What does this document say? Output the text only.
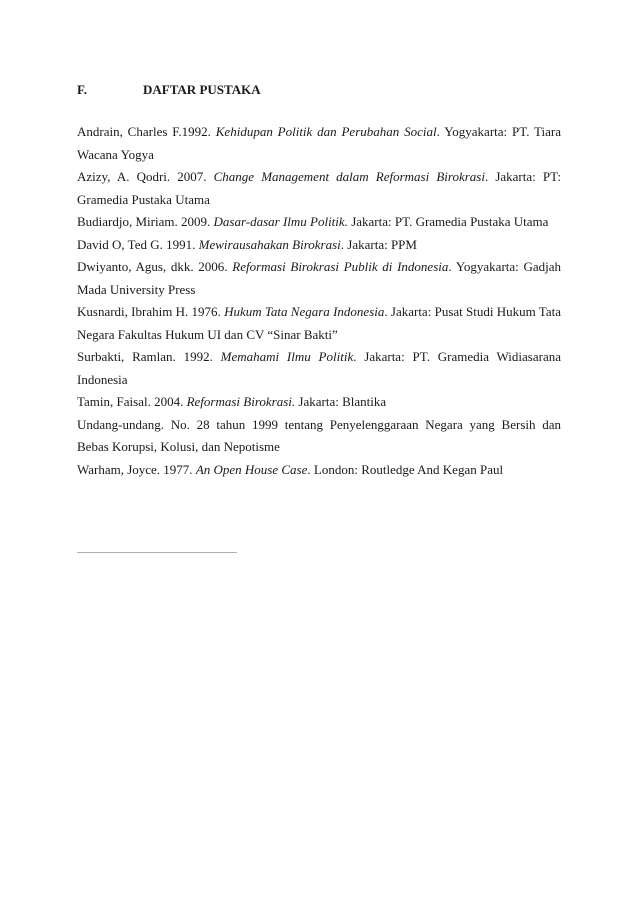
F.	DAFTAR PUSTAKA

Andrain, Charles F.1992. Kehidupan Politik dan Perubahan Social. Yogyakarta: PT. Tiara Wacana Yogya

Azizy, A. Qodri. 2007. Change Management dalam Reformasi Birokrasi. Jakarta: PT: Gramedia Pustaka Utama

Budiardjo, Miriam. 2009. Dasar-dasar Ilmu Politik. Jakarta: PT. Gramedia Pustaka Utama

David O, Ted G. 1991. Mewirausahakan Birokrasi. Jakarta: PPM

Dwiyanto, Agus, dkk. 2006. Reformasi Birokrasi Publik di Indonesia. Yogyakarta: Gadjah Mada University Press

Kusnardi, Ibrahim H. 1976. Hukum Tata Negara Indonesia. Jakarta: Pusat Studi Hukum Tata Negara Fakultas Hukum UI dan CV “Sinar Bakti”

Surbakti, Ramlan. 1992. Memahami Ilmu Politik. Jakarta: PT. Gramedia Widiasarana Indonesia

Tamin, Faisal. 2004. Reformasi Birokrasi. Jakarta: Blantika

Undang-undang. No. 28 tahun 1999 tentang Penyelenggaraan Negara yang Bersih dan Bebas Korupsi, Kolusi, dan Nepotisme

Warham, Joyce. 1977. An Open House Case. London: Routledge And Kegan Paul
